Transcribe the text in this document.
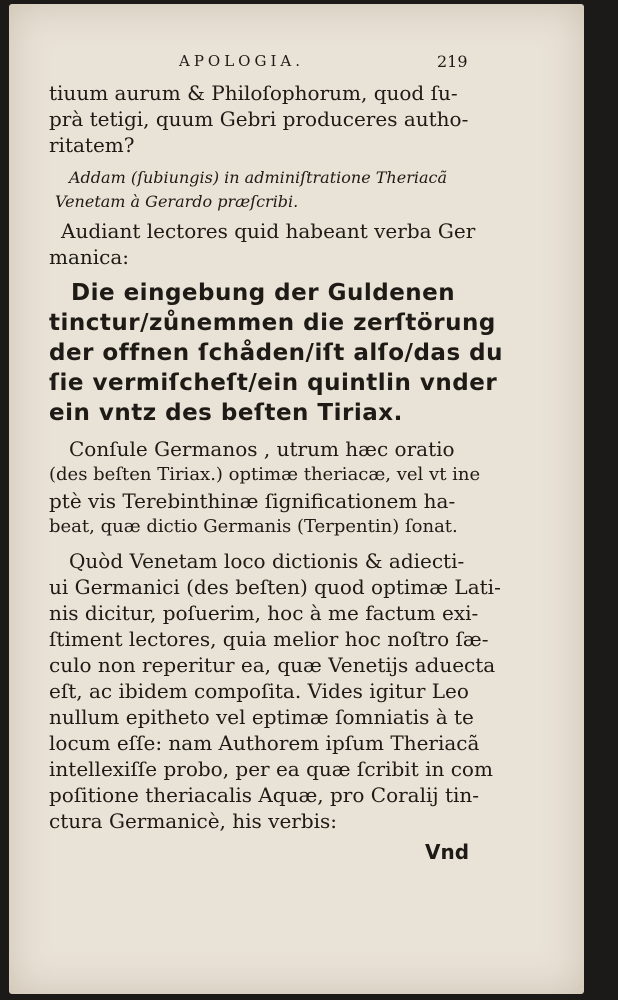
APOLOGIA.	219
tiuum aurum & Philoſophorum, quod ſu-
prà tetigi, quum Gebri produceres autho-
ritatem?
Addam (ſubiungis) in adminiſtratione Theriacã
Venetam à Gerardo præſcribi.
Audiant lectores quid habeant verba Ger
manica:
Die eingebung der Guldenen
tinctur/zůnemmen die zerſtörung
der offnen ſchåden/iſt alſo/das du
ſie vermiſcheſt/ein quintlin vnder
ein vntz des beſten Tiriax.
Conſule Germanos , utrum hæc oratio
(des beſten Tiriax.) optimæ theriacæ, vel vt ine
ptè vis Terebinthinæ ſignificationem ha-
beat, quæ dictio Germanis (Terpentin) ſonat.
Quòd Venetam loco dictionis & adiecti-
ui Germanici (des beſten) quod optimæ Lati-
nis dicitur, poſuerim, hoc à me factum exi-
ſtiment lectores, quia melior hoc noſtro ſæ-
culo non reperitur ea, quæ Venetijs aduecta
eſt, ac ibidem compoſita. Vides igitur Leo
nullum epitheto vel eptimæ ſomniatis à te
locum eſſe: nam Authorem ipſum Theriacã
intellexiſſe probo, per ea quæ ſcribit in com
poſitione theriacalis Aquæ, pro Coralij tin-
ctura Germanicè, his verbis:
Vnd
